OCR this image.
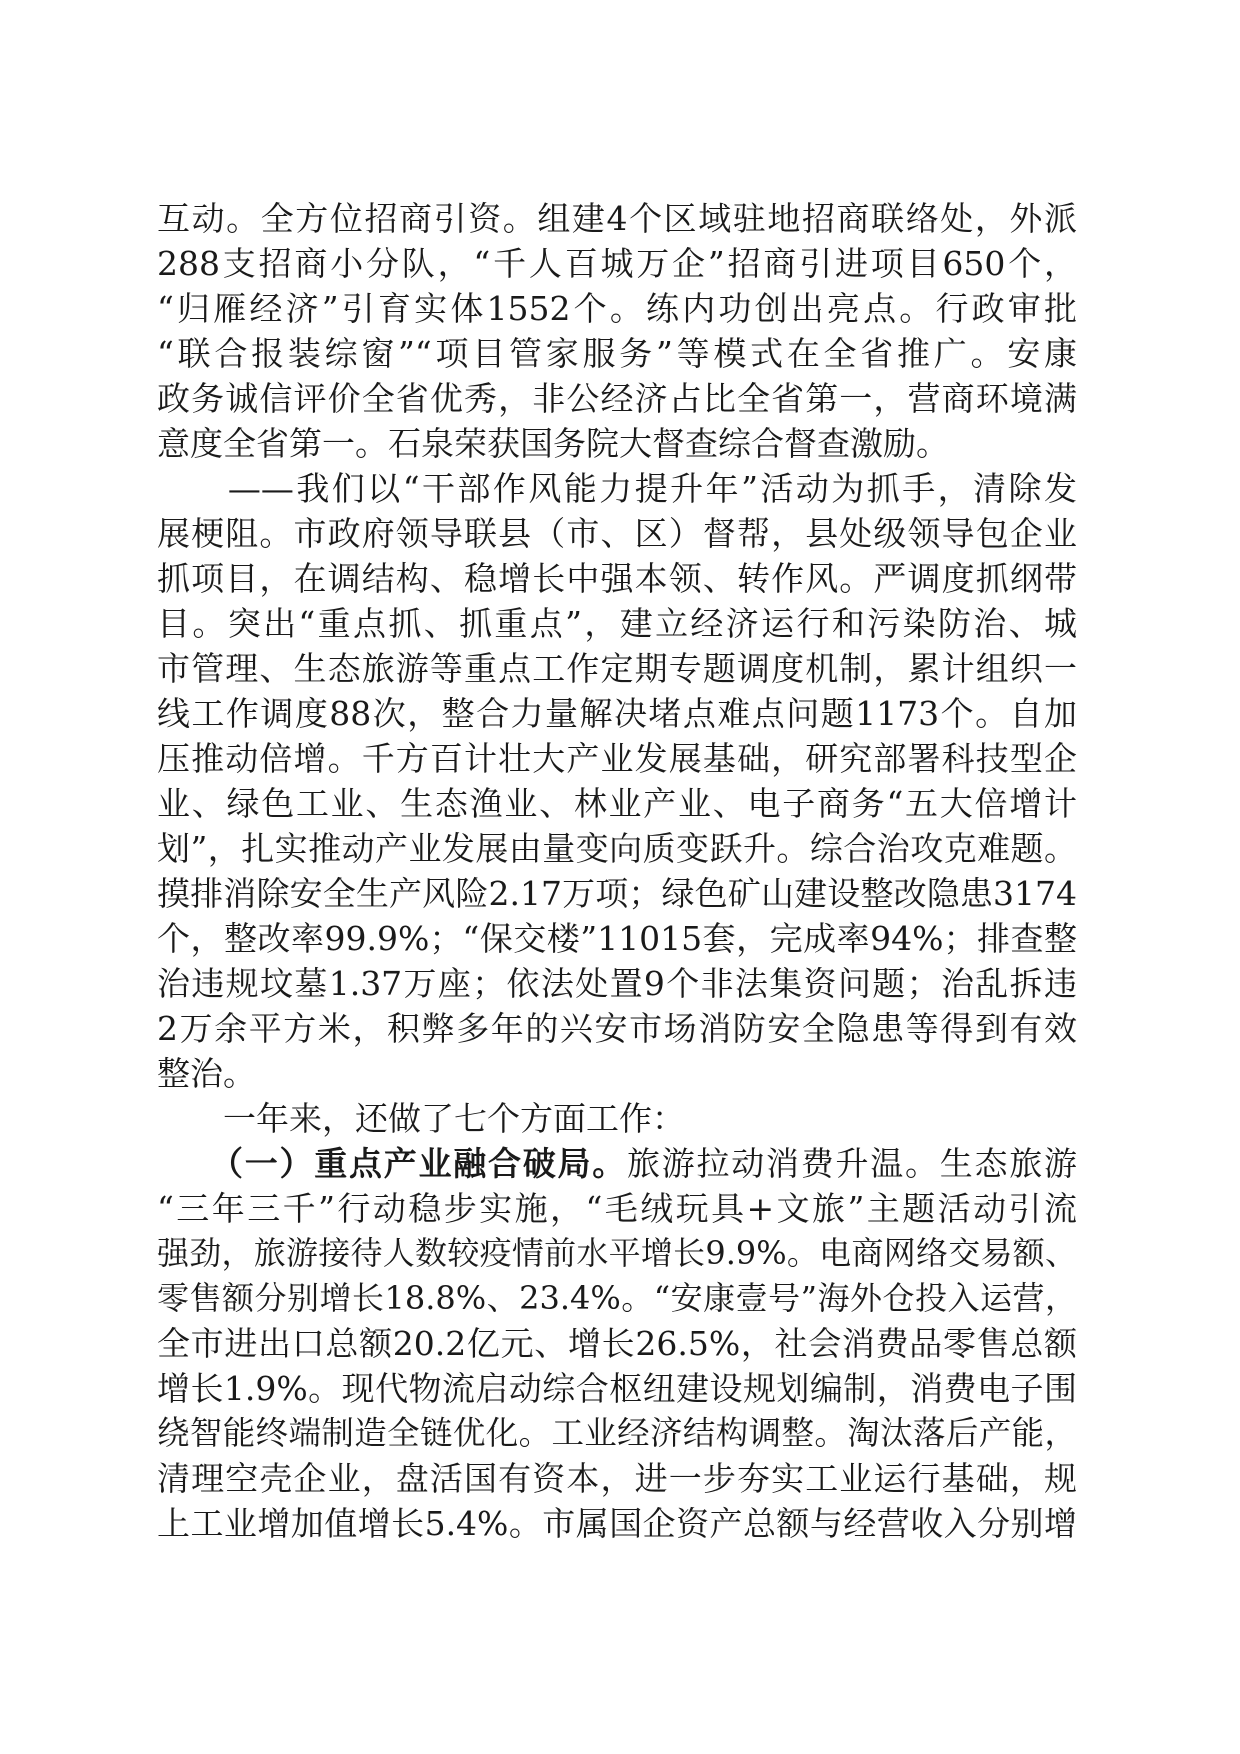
互动。全方位招商引资。组建4个区域驻地招商联络处，外派
288支招商小分队，“千人百城万企”招商引进项目650个，
“归雁经济”引育实体1552个。练内功创出亮点。行政审批
“联合报装综窗”“项目管家服务”等模式在全省推广。安康
政务诚信评价全省优秀，非公经济占比全省第一，营商环境满
意度全省第一。石泉荣获国务院大督查综合督查激励。
　　——我们以“干部作风能力提升年”活动为抓手，清除发
展梗阻。市政府领导联县（市、区）督帮，县处级领导包企业
抓项目，在调结构、稳增长中强本领、转作风。严调度抓纲带
目。突出“重点抓、抓重点”，建立经济运行和污染防治、城
市管理、生态旅游等重点工作定期专题调度机制，累计组织一
线工作调度88次，整合力量解决堵点难点问题1173个。自加
压推动倍增。千方百计壮大产业发展基础，研究部署科技型企
业、绿色工业、生态渔业、林业产业、电子商务“五大倍增计
划”，扎实推动产业发展由量变向质变跃升。综合治攻克难题。
摸排消除安全生产风险2.17万项；绿色矿山建设整改隐患3174
个，整改率99.9%；“保交楼”11015套，完成率94%；排查整
治违规坟墓1.37万座；依法处置9个非法集资问题；治乱拆违
2万余平方米，积弊多年的兴安市场消防安全隐患等得到有效
整治。
　　一年来，还做了七个方面工作：
　　（一）重点产业融合破局。旅游拉动消费升温。生态旅游
“三年三千”行动稳步实施，“毛绒玩具+文旅”主题活动引流
强劲，旅游接待人数较疫情前水平增长9.9%。电商网络交易额、
零售额分别增长18.8%、23.4%。“安康壹号”海外仓投入运营，
全市进出口总额20.2亿元、增长26.5%，社会消费品零售总额
增长1.9%。现代物流启动综合枢纽建设规划编制，消费电子围
绕智能终端制造全链优化。工业经济结构调整。淘汰落后产能，
清理空壳企业，盘活国有资本，进一步夯实工业运行基础，规
上工业增加值增长5.4%。市属国企资产总额与经营收入分别增
